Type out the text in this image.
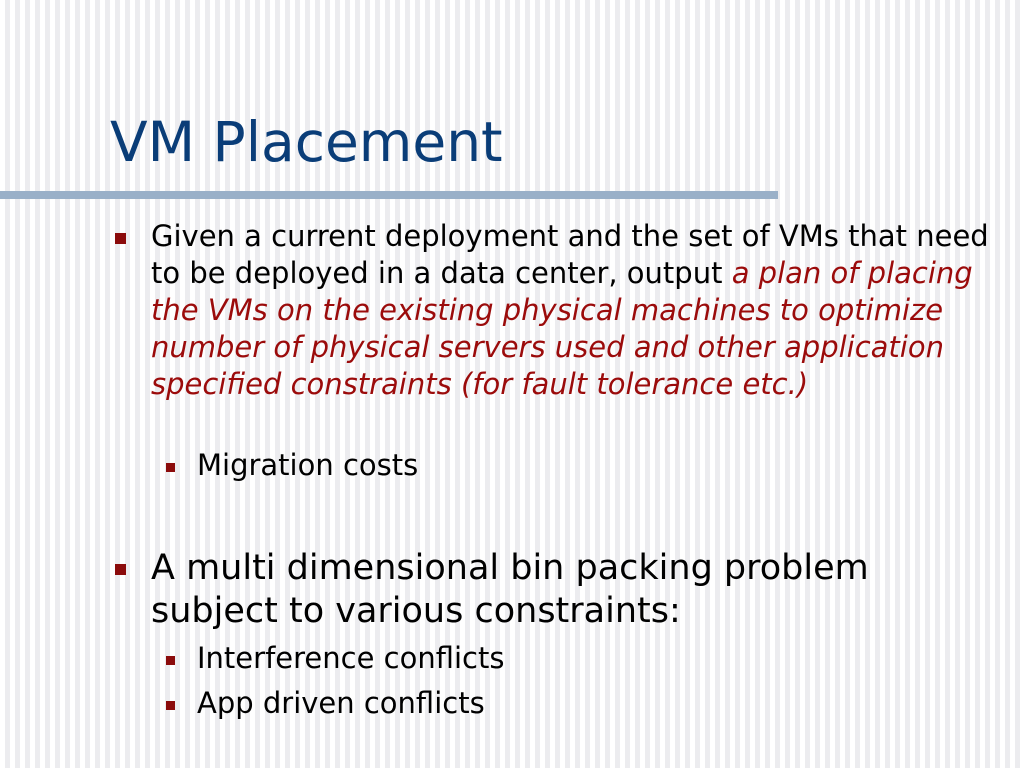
VM Placement
Given a current deployment and the set of VMs that need to be deployed in a data center, output a plan of placing the VMs on the existing physical machines to optimize number of physical servers used and other application specified constraints (for fault tolerance etc.)
Migration costs
A multi dimensional bin packing problem subject to various constraints:
Interference conflicts
App driven conflicts
